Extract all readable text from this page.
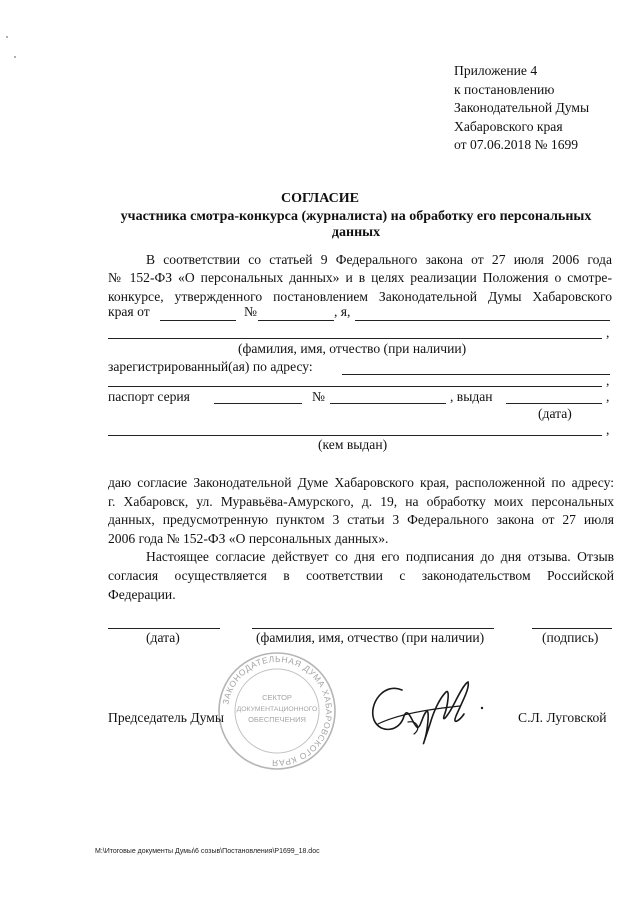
Приложение 4
к постановлению
Законодательной Думы
Хабаровского края
от 07.06.2018 № 1699
СОГЛАСИЕ
участника смотра-конкурса (журналиста) на обработку его персональных
данных
В соответствии со статьей 9 Федерального закона от 27 июля 2006 года
№ 152-ФЗ «О персональных данных» и в целях реализации Положения о смотре-
конкурсе, утвержденного постановлением Законодательной Думы Хабаровского
края от	№	, я,
,
(фамилия, имя, отчество (при наличии)
зарегистрированный(ая) по адресу:
,
паспорт серия	№	, выдан	,
(дата)
,
(кем выдан)
даю согласие Законодательной Думе Хабаровского края, расположенной по адресу:
г. Хабаровск, ул. Муравьёва-Амурского, д. 19, на обработку моих персональных
данных, предусмотренную пунктом 3 статьи 3 Федерального закона от 27 июля
2006 года № 152-ФЗ «О персональных данных».
Настоящее согласие действует со дня его подписания до дня отзыва. Отзыв
согласия осуществляется в соответствии с законодательством Российской
Федерации.
(дата)	(фамилия, имя, отчество (при наличии)	(подпись)
ЗАКОНОДАТЕЛЬНАЯ ДУМА ХАБАРОВСКОГО КРАЯ
СЕКТОР
ДОКУМЕНТАЦИОННОГО
ОБЕСПЕЧЕНИЯ
Председатель Думы	С.Л. Луговской
M:\Итоговые документы Думы\6 созыв\Постановления\P1699_18.doc
